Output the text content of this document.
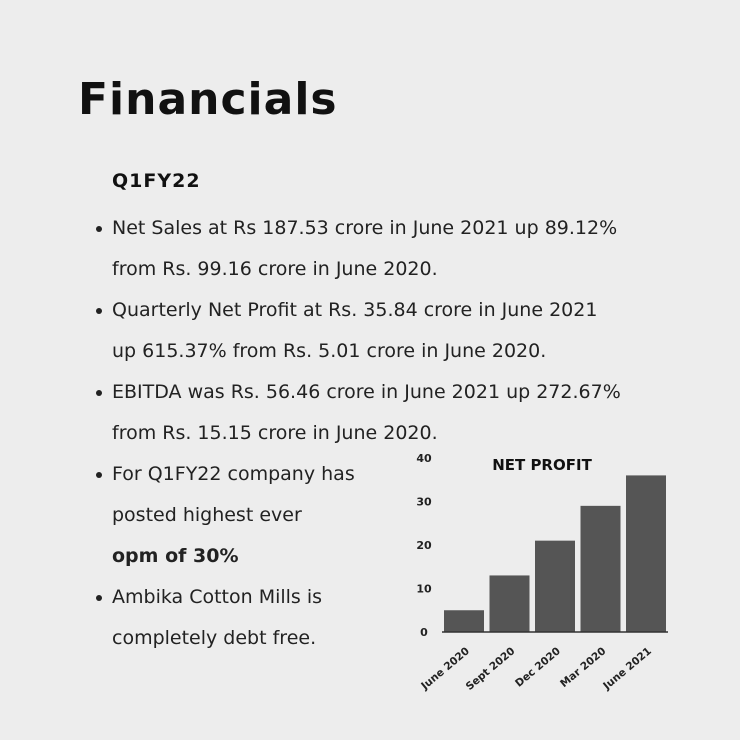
Financials
Q1FY22
Net Sales at Rs 187.53 crore in June 2021 up 89.12%
from Rs. 99.16 crore in June 2020.
Quarterly Net Profit at Rs. 35.84 crore in June 2021
up 615.37% from Rs. 5.01 crore in June 2020.
EBITDA was Rs. 56.46 crore in June 2021 up 272.67%
from Rs. 15.15 crore in June 2020.
For Q1FY22 company has
posted highest ever
opm of 30%
Ambika Cotton Mills is
completely debt free.
NET PROFIT
0
10
20
30
40
June 2020
Sept 2020
Dec 2020
Mar 2020
June 2021
